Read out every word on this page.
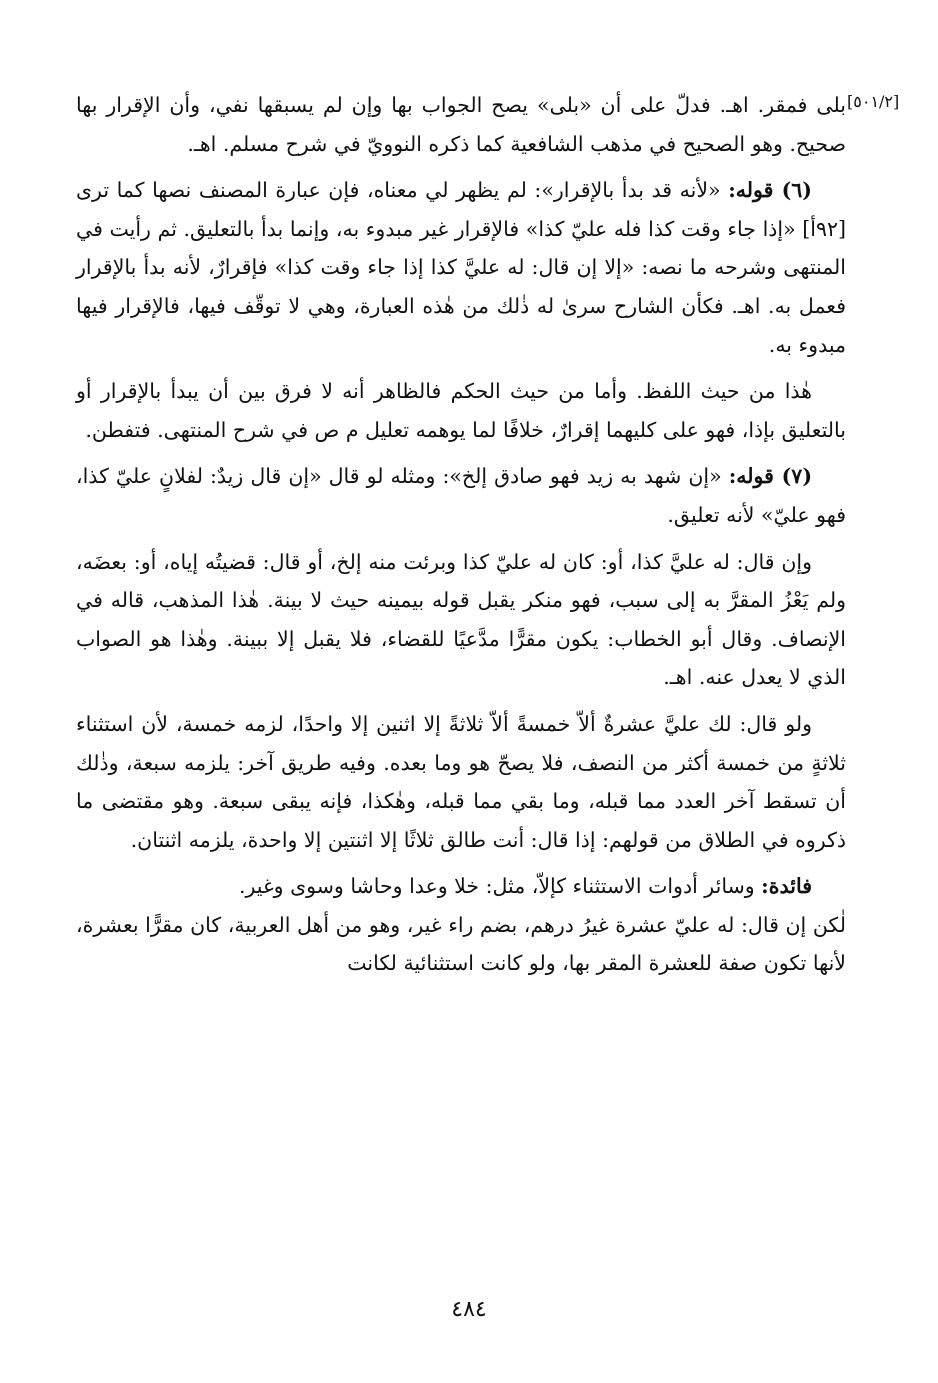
[٥٠١/٢]

بلى فمقر. اهـ. فدلّ على أن «بلى» يصح الجواب بها وإن لم يسبقها نفي، وأن الإقرار بها صحيح. وهو الصحيح في مذهب الشافعية كما ذكره النوويّ في شرح مسلم. اهـ.

(٦) قوله: «لأنه قد بدأ بالإقرار»: لم يظهر لي معناه، فإن عبارة المصنف نصها كما ترى [٩٢أ] «إذا جاء وقت كذا فله عليّ كذا» فالإقرار غير مبدوء به، وإنما بدأ بالتعليق. ثم رأيت في المنتهى وشرحه ما نصه: «إلا إن قال: له عليَّ كذا إذا جاء وقت كذا» فإقرارٌ، لأنه بدأ بالإقرار فعمل به. اهـ. فكأن الشارح سرىٰ له ذٰلك من هٰذه العبارة، وهي لا توقّف فيها، فالإقرار فيها مبدوء به.

هٰذا من حيث اللفظ. وأما من حيث الحكم فالظاهر أنه لا فرق بين أن يبدأ بالإقرار أو بالتعليق بإذا، فهو على كليهما إقرارٌ، خلافًا لما يوهمه تعليل م ص في شرح المنتهى. فتفطن.

(٧) قوله: «إن شهد به زيد فهو صادق إلخ»: ومثله لو قال «إن قال زيدٌ: لفلانٍ عليّ كذا، فهو عليّ» لأنه تعليق.

وإن قال: له عليَّ كذا، أو: كان له عليّ كذا وبرئت منه إلخ، أو قال: قضيتُه إياه، أو: بعضَه، ولم يَعْزُ المقرَّ به إلى سبب، فهو منكر يقبل قوله بيمينه حيث لا بينة. هٰذا المذهب، قاله في الإنصاف. وقال أبو الخطاب: يكون مقرًّا مدَّعيًا للقضاء، فلا يقبل إلا ببينة. وهٰذا هو الصواب الذي لا يعدل عنه. اهـ.

ولو قال: لك عليَّ عشرةٌ ألاّ خمسةً ألاّ ثلاثةً إلا اثنين إلا واحدًا، لزمه خمسة، لأن استثناء ثلاثةٍ من خمسة أكثر من النصف، فلا يصحّ هو وما بعده. وفيه طريق آخر: يلزمه سبعة، وذٰلك أن تسقط آخر العدد مما قبله، وما بقي مما قبله، وهٰكذا، فإنه يبقى سبعة. وهو مقتضى ما ذكروه في الطلاق من قولهم: إذا قال: أنت طالق ثلاثًا إلا اثنتين إلا واحدة، يلزمه اثنتان.

فائدة: وسائر أدوات الاستثناء كإلاّ، مثل: خلا وعدا وحاشا وسوى وغير.

لٰكن إن قال: له عليّ عشرة غيرُ درهم، بضم راء غير، وهو من أهل العربية، كان مقرًّا بعشرة، لأنها تكون صفة للعشرة المقر بها، ولو كانت استثنائية لكانت

٤٨٤
